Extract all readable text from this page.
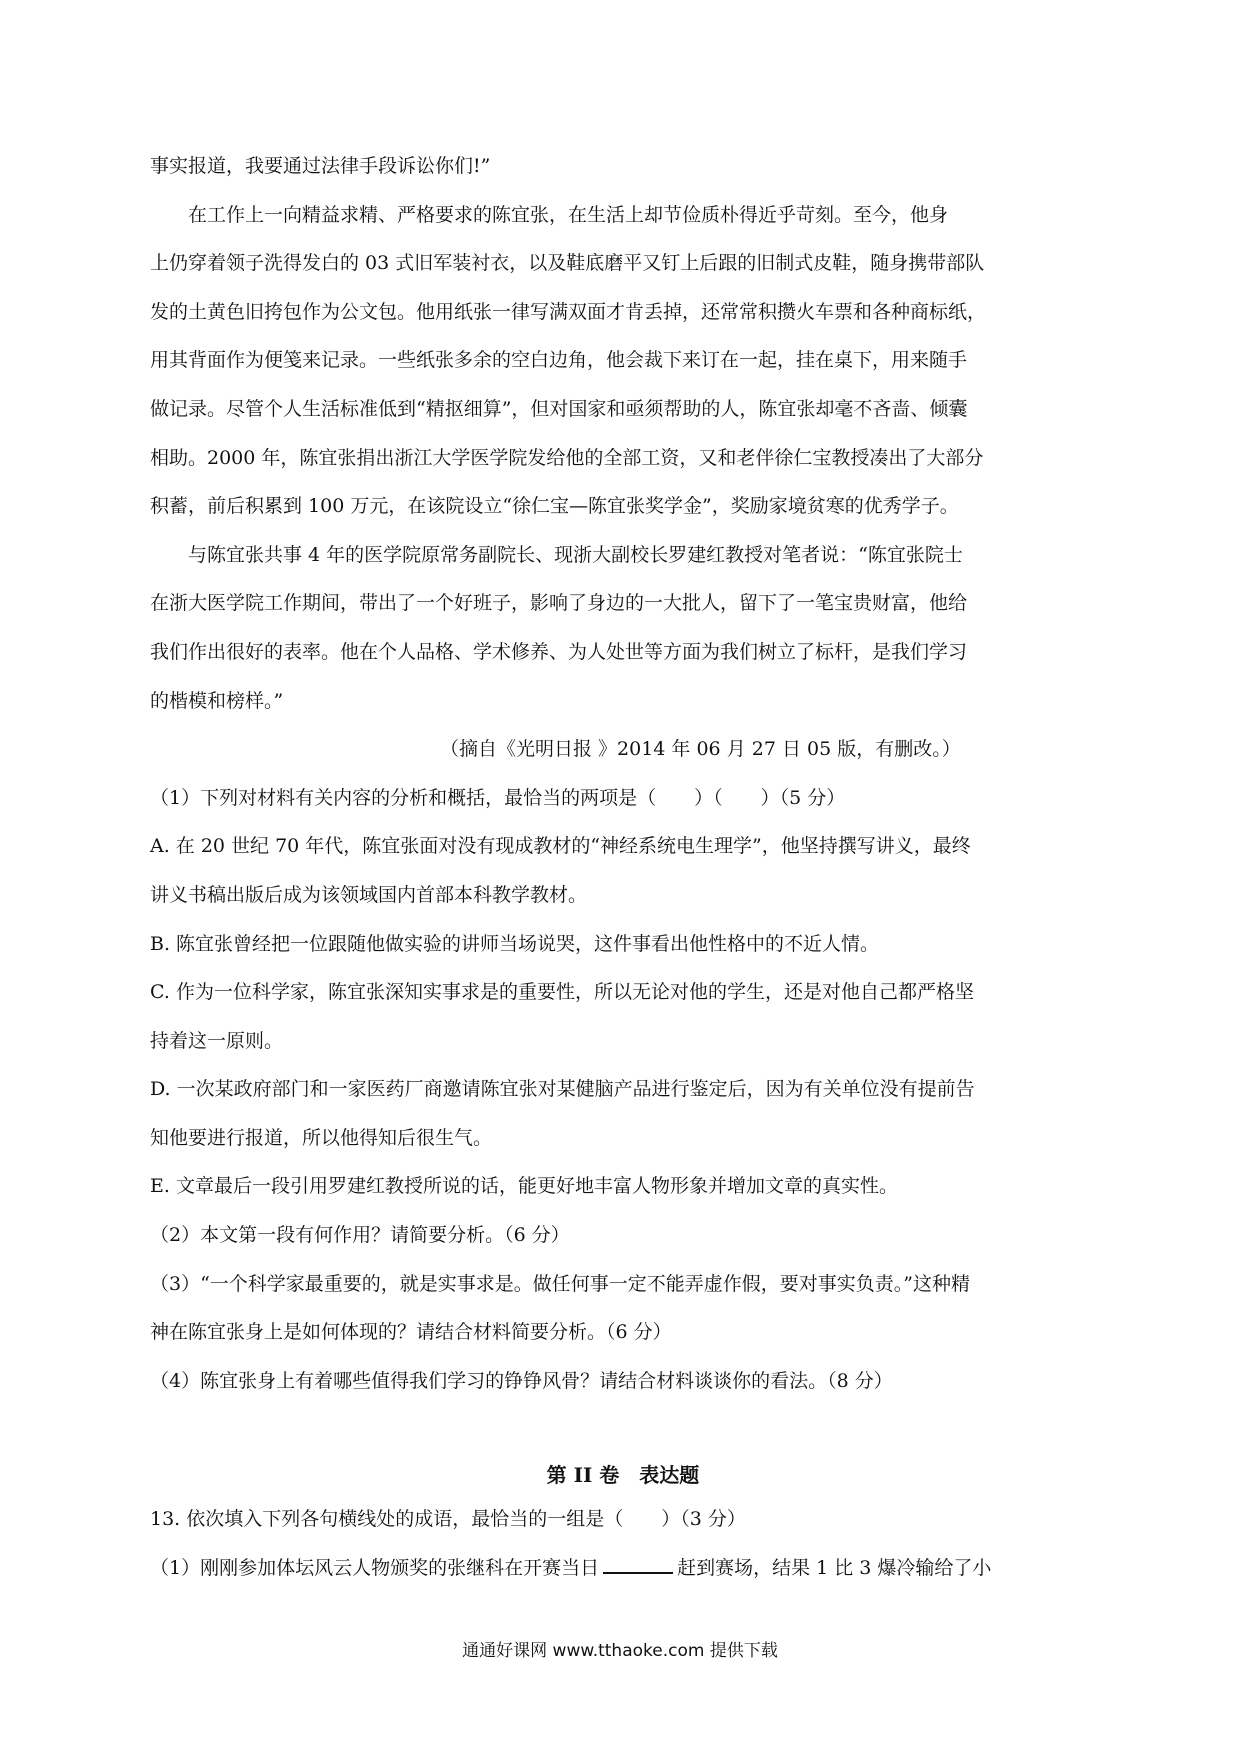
事实报道，我要通过法律手段诉讼你们!”
在工作上一向精益求精、严格要求的陈宜张，在生活上却节俭质朴得近乎苛刻。至今，他身
上仍穿着领子洗得发白的 03 式旧军装衬衣，以及鞋底磨平又钉上后跟的旧制式皮鞋，随身携带部队
发的土黄色旧挎包作为公文包。他用纸张一律写满双面才肯丢掉，还常常积攒火车票和各种商标纸，
用其背面作为便笺来记录。一些纸张多余的空白边角，他会裁下来订在一起，挂在桌下，用来随手
做记录。尽管个人生活标准低到“精抠细算”，但对国家和亟须帮助的人，陈宜张却毫不吝啬、倾囊
相助。2000 年，陈宜张捐出浙江大学医学院发给他的全部工资，又和老伴徐仁宝教授凑出了大部分
积蓄，前后积累到 100 万元，在该院设立“徐仁宝—陈宜张奖学金”，奖励家境贫寒的优秀学子。
与陈宜张共事 4 年的医学院原常务副院长、现浙大副校长罗建红教授对笔者说：“陈宜张院士
在浙大医学院工作期间，带出了一个好班子，影响了身边的一大批人，留下了一笔宝贵财富，他给
我们作出很好的表率。他在个人品格、学术修养、为人处世等方面为我们树立了标杆，是我们学习
的楷模和榜样。”
（摘自《光明日报 》2014 年 06 月 27 日 05 版，有删改。）
（1）下列对材料有关内容的分析和概括，最恰当的两项是（　　）（　　）（5 分）
A. 在 20 世纪 70 年代，陈宜张面对没有现成教材的“神经系统电生理学”，他坚持撰写讲义，最终
讲义书稿出版后成为该领域国内首部本科教学教材。
B. 陈宜张曾经把一位跟随他做实验的讲师当场说哭，这件事看出他性格中的不近人情。
C. 作为一位科学家，陈宜张深知实事求是的重要性，所以无论对他的学生，还是对他自己都严格坚
持着这一原则。
D. 一次某政府部门和一家医药厂商邀请陈宜张对某健脑产品进行鉴定后，因为有关单位没有提前告
知他要进行报道，所以他得知后很生气。
E. 文章最后一段引用罗建红教授所说的话，能更好地丰富人物形象并增加文章的真实性。
（2）本文第一段有何作用？请简要分析。（6 分）
（3）“一个科学家最重要的，就是实事求是。做任何事一定不能弄虚作假，要对事实负责。”这种精
神在陈宜张身上是如何体现的？请结合材料简要分析。（6 分）
（4）陈宜张身上有着哪些值得我们学习的铮铮风骨？请结合材料谈谈你的看法。（8 分）
第 II 卷　表达题
13. 依次填入下列各句横线处的成语，最恰当的一组是（　　）（3 分）
（1）刚刚参加体坛风云人物颁奖的张继科在开赛当日	赶到赛场，结果 1 比 3 爆冷输给了小
通通好课网 www.tthaoke.com 提供下载
